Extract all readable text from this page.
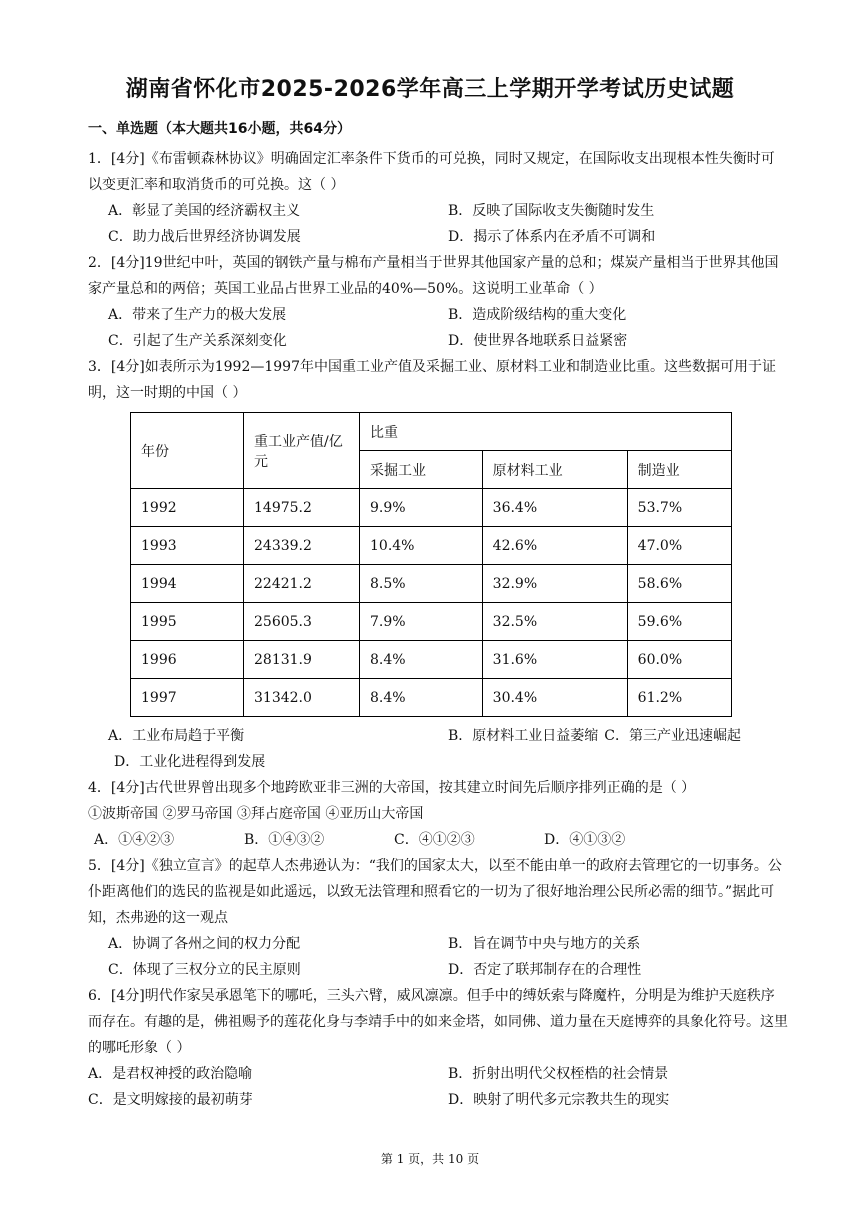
湖南省怀化市2025-2026学年高三上学期开学考试历史试题
一、单选题（本大题共16小题，共64分）

1．[4分]《布雷顿森林协议》明确固定汇率条件下货币的可兑换，同时又规定，在国际收支出现根本性失衡时可以变更汇率和取消货币的可兑换。这（ ）

A．彰显了美国的经济霸权主义	B．反映了国际收支失衡随时发生
C．助力战后世界经济协调发展	D．揭示了体系内在矛盾不可调和

2．[4分]19世纪中叶，英国的钢铁产量与棉布产量相当于世界其他国家产量的总和；煤炭产量相当于世界其他国家产量总和的两倍；英国工业品占世界工业品的40%—50%。这说明工业革命（ ）

A．带来了生产力的极大发展	B．造成阶级结构的重大变化
C．引起了生产关系深刻变化	D．使世界各地联系日益紧密

3．[4分]如表所示为1992—1997年中国重工业产值及采掘工业、原材料工业和制造业比重。这些数据可用于证明，这一时期的中国（ ）

年份	重工业产值/亿元	比重		
		采掘工业	原材料工业	制造业
1992	14975.2	9.9%	36.4%	53.7%
1993	24339.2	10.4%	42.6%	47.0%
1994	22421.2	8.5%	32.9%	58.6%
1995	25605.3	7.9%	32.5%	59.6%
1996	28131.9	8.4%	31.6%	60.0%
1997	31342.0	8.4%	30.4%	61.2%
A．工业布局趋于平衡	B．原材料工业日益萎缩 C．第三产业迅速崛起
D．工业化进程得到发展

4．[4分]古代世界曾出现多个地跨欧亚非三洲的大帝国，按其建立时间先后顺序排列正确的是（ ）

①波斯帝国 ②罗马帝国 ③拜占庭帝国 ④亚历山大帝国

A．①④②③	B．①④③②	C．④①②③	D．④①③②

5．[4分]《独立宣言》的起草人杰弗逊认为：“我们的国家太大，以至不能由单一的政府去管理它的一切事务。公仆距离他们的选民的监视是如此遥远，以致无法管理和照看它的一切为了很好地治理公民所必需的细节。”据此可知，杰弗逊的这一观点

A．协调了各州之间的权力分配	B．旨在调节中央与地方的关系
C．体现了三权分立的民主原则	D．否定了联邦制存在的合理性

6．[4分]明代作家吴承恩笔下的哪吒，三头六臂，威风凛凛。但手中的缚妖索与降魔杵，分明是为维护天庭秩序而存在。有趣的是，佛祖赐予的莲花化身与李靖手中的如来金塔，如同佛、道力量在天庭博弈的具象化符号。这里的哪吒形象（ ）

A．是君权神授的政治隐喻	B．折射出明代父权桎梏的社会情景
C．是文明嫁接的最初萌芽	D．映射了明代多元宗教共生的现实
第 1 页，共 10 页
